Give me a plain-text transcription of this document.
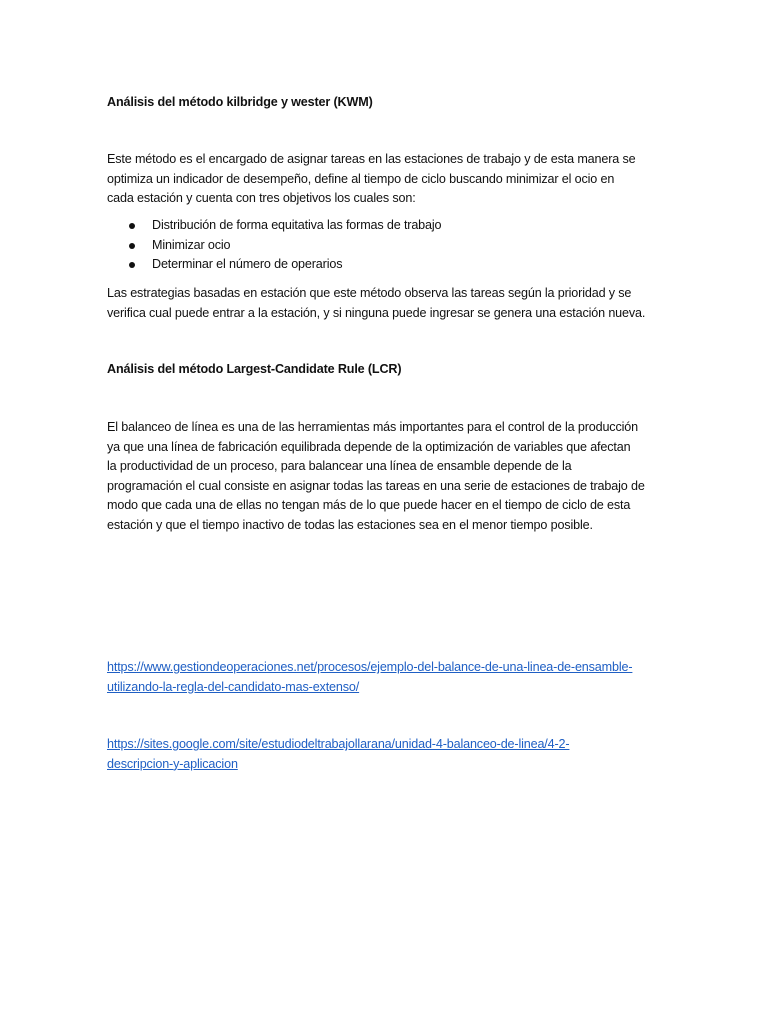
Análisis del método kilbridge y wester (KWM)

Este método es el encargado de asignar tareas en las estaciones de trabajo y de esta manera se
optimiza un indicador de desempeño, define al tiempo de ciclo buscando minimizar el ocio en
cada estación y cuenta con tres objetivos los cuales son:

Distribución de forma equitativa las formas de trabajo
Minimizar ocio
Determinar el número de operarios

Las estrategias basadas en estación que este método observa las tareas según la prioridad y se
verifica cual puede entrar a la estación, y si ninguna puede ingresar se genera una estación nueva.

Análisis del método Largest-Candidate Rule (LCR)

El balanceo de línea es una de las herramientas más importantes para el control de la producción
ya que una línea de fabricación equilibrada depende de la optimización de variables que afectan
la productividad de un proceso, para balancear una línea de ensamble depende de la
programación el cual consiste en asignar todas las tareas en una serie de estaciones de trabajo de
modo que cada una de ellas no tengan más de lo que puede hacer en el tiempo de ciclo de esta
estación y que el tiempo inactivo de todas las estaciones sea en el menor tiempo posible.

https://www.gestiondeoperaciones.net/procesos/ejemplo-del-balance-de-una-linea-de-ensamble-
utilizando-la-regla-del-candidato-mas-extenso/

https://sites.google.com/site/estudiodeltrabajollarana/unidad-4-balanceo-de-linea/4-2-
descripcion-y-aplicacion
